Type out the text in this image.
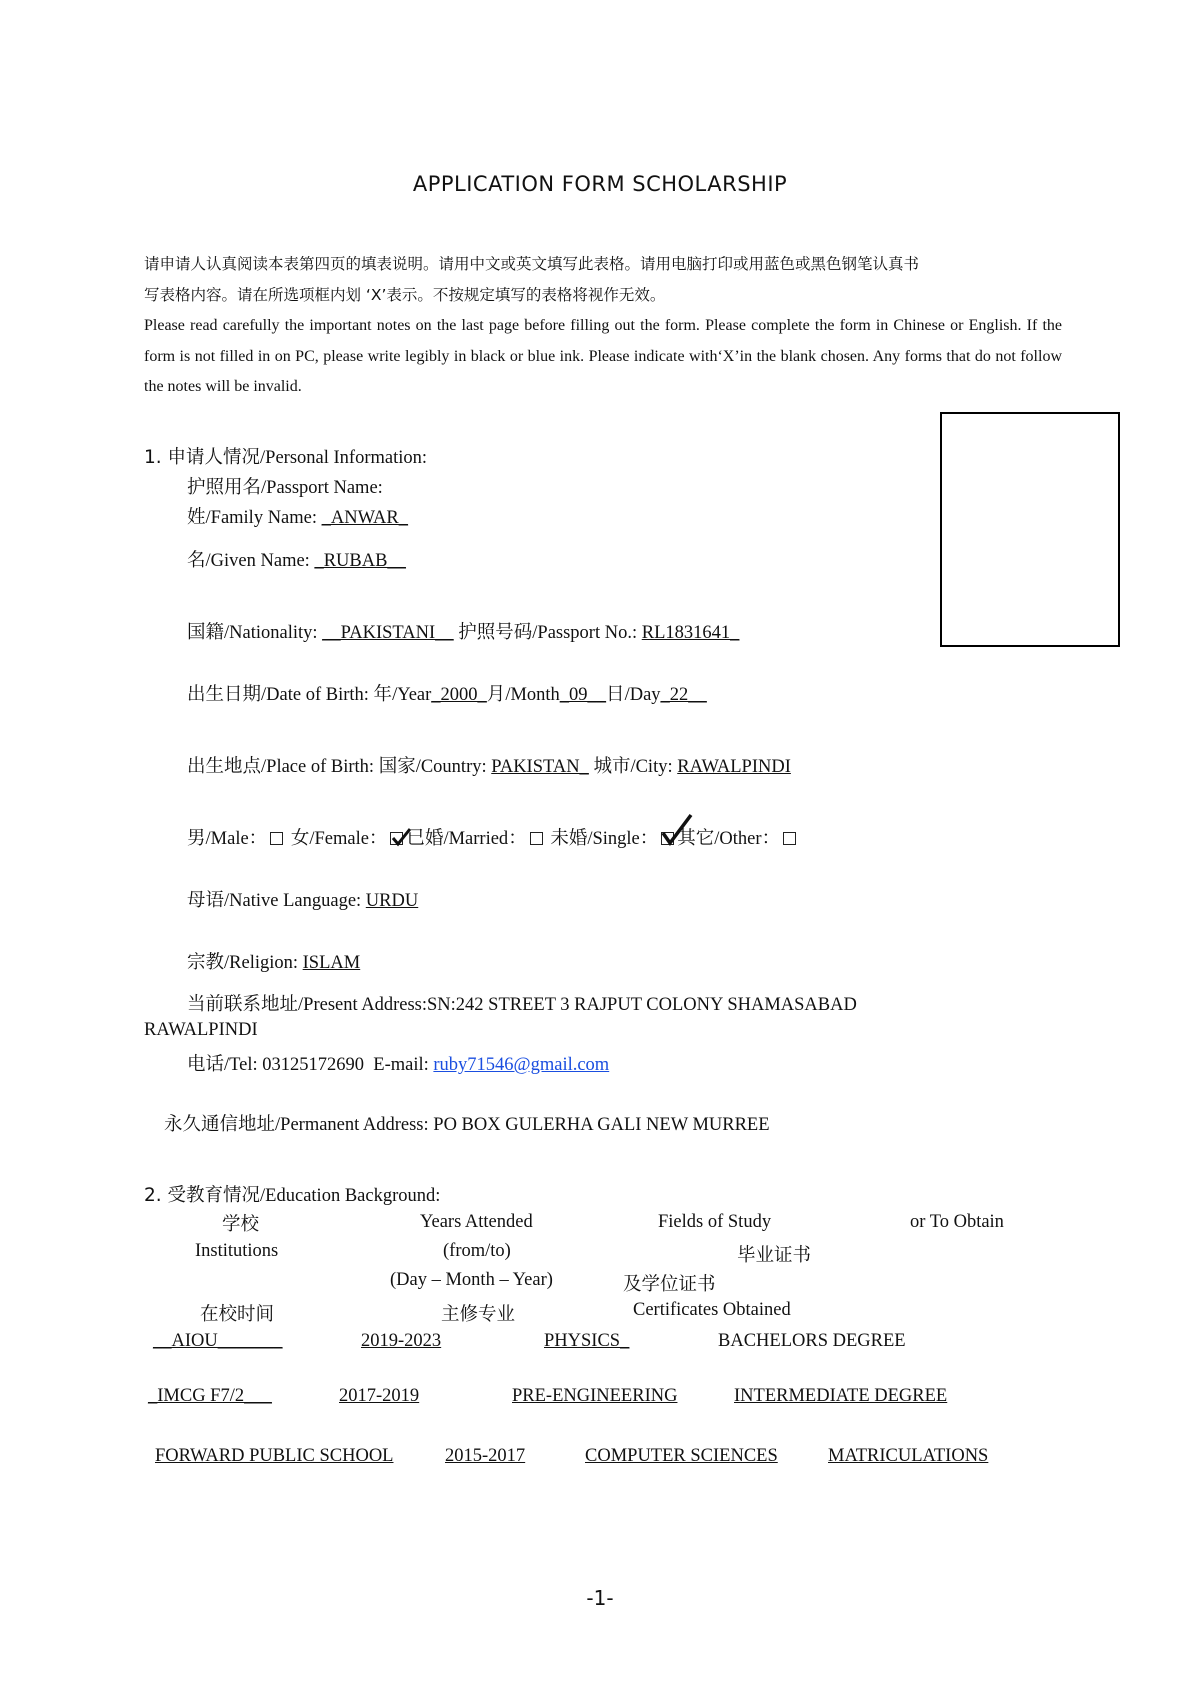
APPLICATION FORM SCHOLARSHIP
请申请人认真阅读本表第四页的填表说明。请用中文或英文填写此表格。请用电脑打印或用蓝色或黑色钢笔认真书
写表格内容。请在所选项框内划 ‘X’表示。不按规定填写的表格将视作无效。
Please read carefully the important notes on the last page before filling out the form. Please complete the form in Chinese or English. If the form is not filled in on PC, please write legibly in black or blue ink. Please indicate with‘X’in the blank chosen. Any forms that do not follow the notes will be invalid.
1. 申请人情况/Personal Information:
护照用名/Passport Name:
姓/Family Name: _ANWAR_
名/Given Name: _RUBAB__
国籍/Nationality: __PAKISTANI__ 护照号码/Passport No.: RL1831641_
出生日期/Date of Birth: 年/Year_2000_月/Month_09__日/Day_22__
出生地点/Place of Birth: 国家/Country: PAKISTAN_ 城市/City: RAWALPINDI
男/Male： 女/Female： 已婚/Married： 未婚/Single： 其它/Other：
母语/Native Language: URDU
宗教/Religion: ISLAM
当前联系地址/Present Address:SN:242 STREET 3 RAJPUT COLONY SHAMASABAD
RAWALPINDI
电话/Tel: 03125172690 E-mail: ruby71546@gmail.com
永久通信地址/Permanent Address: PO BOX GULERHA GALI NEW MURREE
2. 受教育情况/Education Background:
学校
Institutions
在校时间
Years Attended
(from/to)
(Day – Month – Year)
主修专业
Fields of Study
毕业证书
及学位证书
Certificates Obtained
or To Obtain
__AIOU_______	2019-2023	PHYSICS_	BACHELORS DEGREE
_IMCG F7/2___	2017-2019	PRE-ENGINEERING	INTERMEDIATE DEGREE
FORWARD PUBLIC SCHOOL	2015-2017	COMPUTER SCIENCES	MATRICULATIONS
-1-
